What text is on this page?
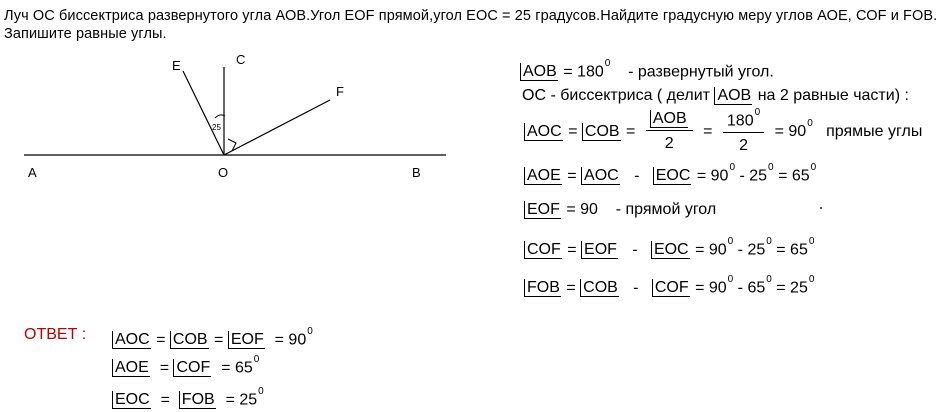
Луч ОС биссектриса развернутого угла АОВ.Угол ЕОF прямой,угол ЕОС = 25 градусов.Найдите градусную меру углов АОЕ, СОF и FОВ.
Запишите равные углы.
A	O	B
E	C
F
25
AOB = $180^0$ - развернутый угол.
ОС - биссектриса ( делит AOB на 2 равные части) :
AOC = COB = $\frac{\text{AOB}}{2} = \frac{180^0}{2} = 90^0$ прямые углы
AOE = AOC - EOC = $90^0 - 25^0 = 65^0$
EOF = 90 - прямой угол
COF = EOF - EOC = $90^0 - 25^0 = 65^0$
FOB = COB - COF = $90^0 - 65^0 = 25^0$
ОТВЕТ : AOC = COB = EOF = $90^0$
AOE = COF = $65^0$
EOC = FOB = $25^0$
